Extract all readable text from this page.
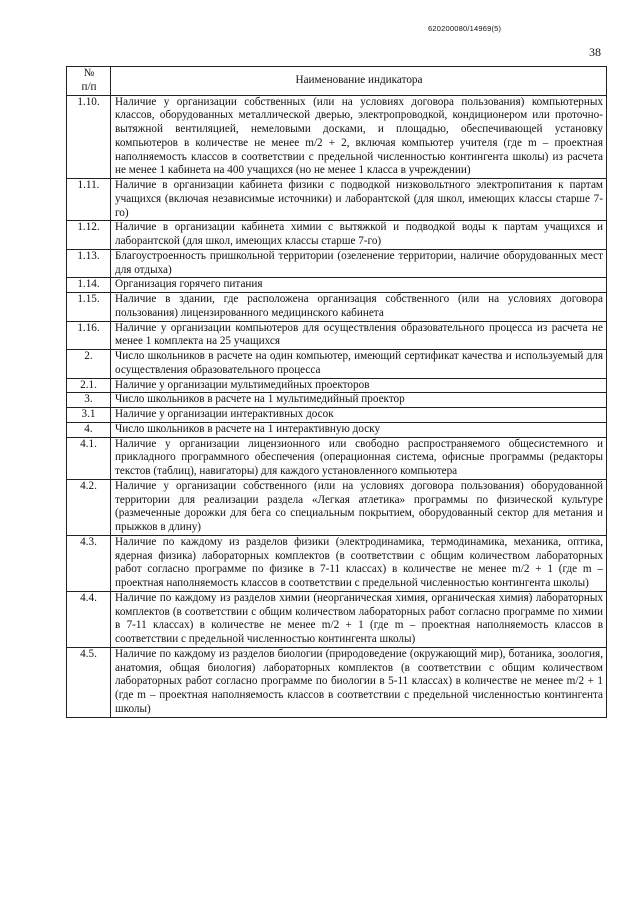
620200080/14969(5)
38
№
п/п	Наименование индикатора
1.10.	Наличие у организации собственных (или на условиях договора пользования) компьютерных классов, оборудованных металлической дверью, электропроводкой, кондиционером или проточно-вытяжной вентиляцией, немеловыми досками, и площадью, обеспечивающей установку компьютеров в количестве не менее m/2 + 2, включая компьютер учителя (где m – проектная наполняемость классов в соответствии с предельной численностью контингента школы) из расчета не менее 1 кабинета на 400 учащихся (но не менее 1 класса в учреждении)
1.11.	Наличие в организации кабинета физики с подводкой низковольтного электропитания к партам учащихся (включая независимые источники) и лаборантской (для школ, имеющих классы старше 7-го)
1.12.	Наличие в организации кабинета химии с вытяжкой и подводкой воды к партам учащихся и лаборантской (для школ, имеющих классы старше 7-го)
1.13.	Благоустроенность пришкольной территории (озеленение территории, наличие оборудованных мест для отдыха)
1.14.	Организация горячего питания
1.15.	Наличие в здании, где расположена организация собственного (или на условиях договора пользования) лицензированного медицинского кабинета
1.16.	Наличие у организации компьютеров для осуществления образовательного процесса из расчета не менее 1 комплекта на 25 учащихся
2.	Число школьников в расчете на один компьютер, имеющий сертификат качества и используемый для осуществления образовательного процесса
2.1.	Наличие у организации мультимедийных проекторов
3.	Число школьников в расчете на 1 мультимедийный проектор
3.1	Наличие у организации интерактивных досок
4.	Число школьников в расчете на 1 интерактивную доску
4.1.	Наличие у организации лицензионного или свободно распространяемого общесистемного и прикладного программного обеспечения (операционная система, офисные программы (редакторы текстов (таблиц), навигаторы) для каждого установленного компьютера
4.2.	Наличие у организации собственного (или на условиях договора пользования) оборудованной территории для реализации раздела «Легкая атлетика» программы по физической культуре (размеченные дорожки для бега со специальным покрытием, оборудованный сектор для метания и прыжков в длину)
4.3.	Наличие по каждому из разделов физики (электродинамика, термодинамика, механика, оптика, ядерная физика) лабораторных комплектов (в соответствии с общим количеством лабораторных работ согласно программе по физике в 7-11 классах) в количестве не менее m/2 + 1 (где m – проектная наполняемость классов в соответствии с предельной численностью контингента школы)
4.4.	Наличие по каждому из разделов химии (неорганическая химия, органическая химия) лабораторных комплектов (в соответствии с общим количеством лабораторных работ согласно программе по химии в 7-11 классах) в количестве не менее m/2 + 1 (где m – проектная наполняемость классов в соответствии с предельной численностью контингента школы)
4.5.	Наличие по каждому из разделов биологии (природоведение (окружающий мир), ботаника, зоология, анатомия, общая биология) лабораторных комплектов (в соответствии с общим количеством лабораторных работ согласно программе по биологии в 5-11 классах) в количестве не менее m/2 + 1 (где m – проектная наполняемость классов в соответствии с предельной численностью контингента школы)
